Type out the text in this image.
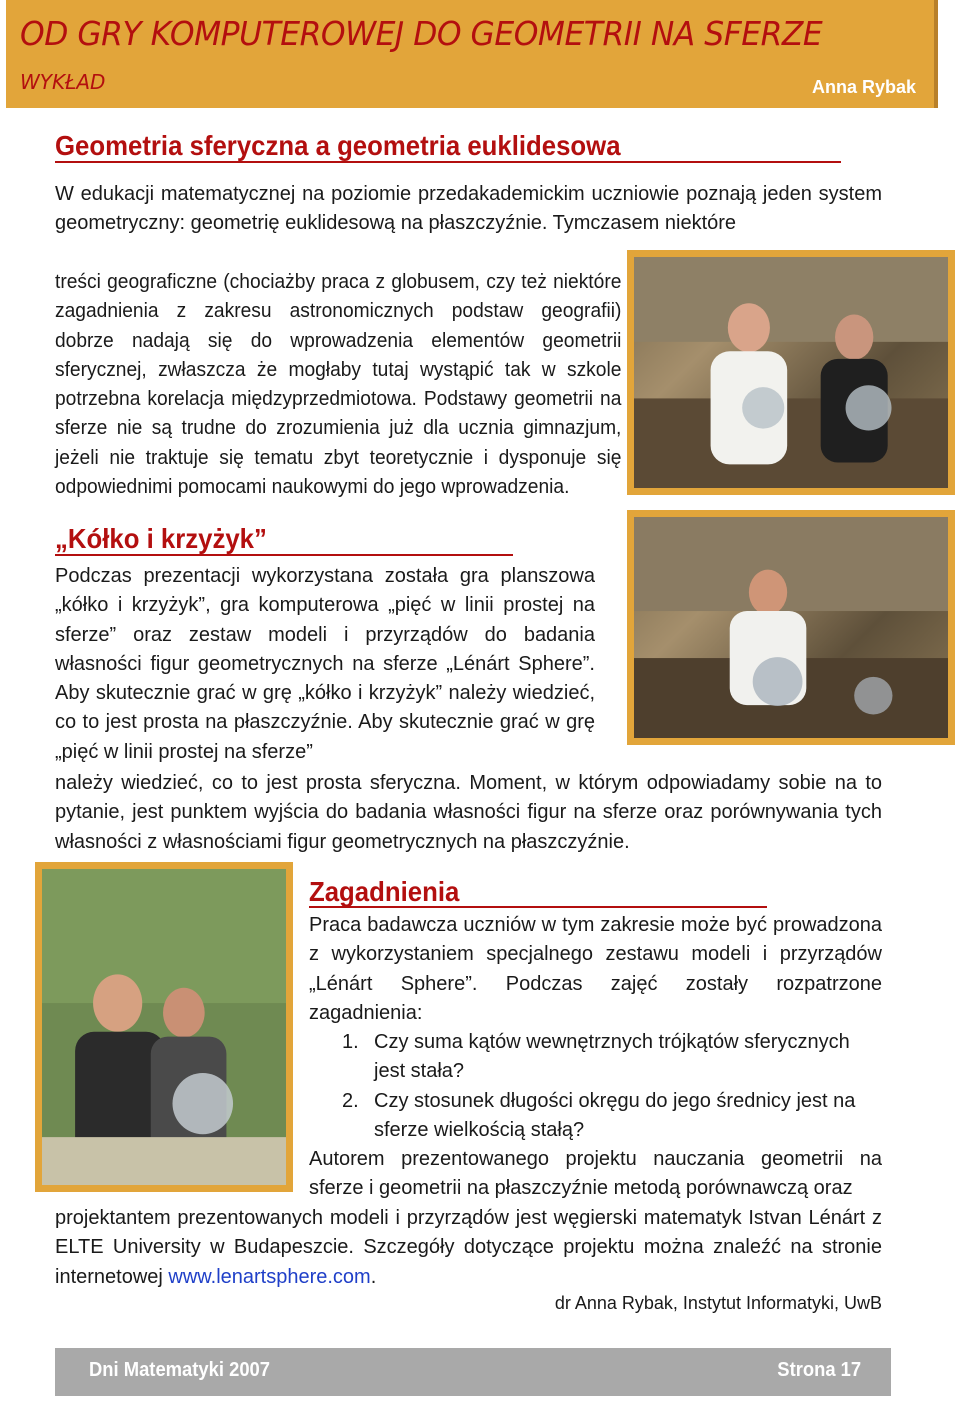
OD GRY KOMPUTEROWEJ DO GEOMETRII NA SFERZE
WYKŁAD	Anna Rybak
Geometria sferyczna a geometria euklidesowa
W edukacji matematycznej na poziomie przedakademickim uczniowie poznają jeden system geometryczny: geometrię euklidesową na płaszczyźnie. Tymczasem niektóre
treści geograficzne (chociażby praca z globusem, czy też niektóre zagadnienia z zakresu astronomicznych podstaw geografii) dobrze nadają się do wprowadzenia elementów geometrii sferycznej, zwłaszcza że mogłaby tutaj wystąpić tak w szkole potrzebna korelacja międzyprzedmiotowa. Podstawy geometrii na sferze nie są trudne do zrozumienia już dla ucznia gimnazjum, jeżeli nie traktuje się tematu zbyt teoretycznie i dysponuje się odpowiednimi pomocami naukowymi do jego wprowadzenia.
„Kółko i krzyżyk”
Podczas prezentacji wykorzystana została gra planszowa „kółko i krzyżyk”, gra komputerowa „pięć w linii prostej na sferze” oraz zestaw modeli i przyrządów do badania własności figur geometrycznych na sferze „Lénárt Sphere”. Aby skutecznie grać w grę „kółko i krzyżyk” należy wiedzieć, co to jest prosta na płaszczyźnie. Aby skutecznie grać w grę „pięć w linii prostej na sferze”
należy wiedzieć, co to jest prosta sferyczna. Moment, w którym odpowiadamy sobie na to pytanie, jest punktem wyjścia do badania własności figur na sferze oraz porównywania tych własności z własnościami figur geometrycznych na płaszczyźnie.
Zagadnienia
Praca badawcza uczniów w tym zakresie może być prowadzona z wykorzystaniem specjalnego zestawu modeli i przyrządów „Lénárt Sphere”. Podczas zajęć zostały rozpatrzone zagadnienia:
1. Czy suma kątów wewnętrznych trójkątów sferycznych jest stała?
2. Czy stosunek długości okręgu do jego średnicy jest na sferze wielkością stałą?
Autorem prezentowanego projektu nauczania geometrii na sferze i geometrii na płaszczyźnie metodą porównawczą oraz
projektantem prezentowanych modeli i przyrządów jest węgierski matematyk Istvan Lénárt z ELTE University w Budapeszcie. Szczegóły dotyczące projektu można znaleźć na stronie internetowej www.lenartsphere.com.
dr Anna Rybak, Instytut Informatyki, UwB
Dni Matematyki 2007	Strona 17
